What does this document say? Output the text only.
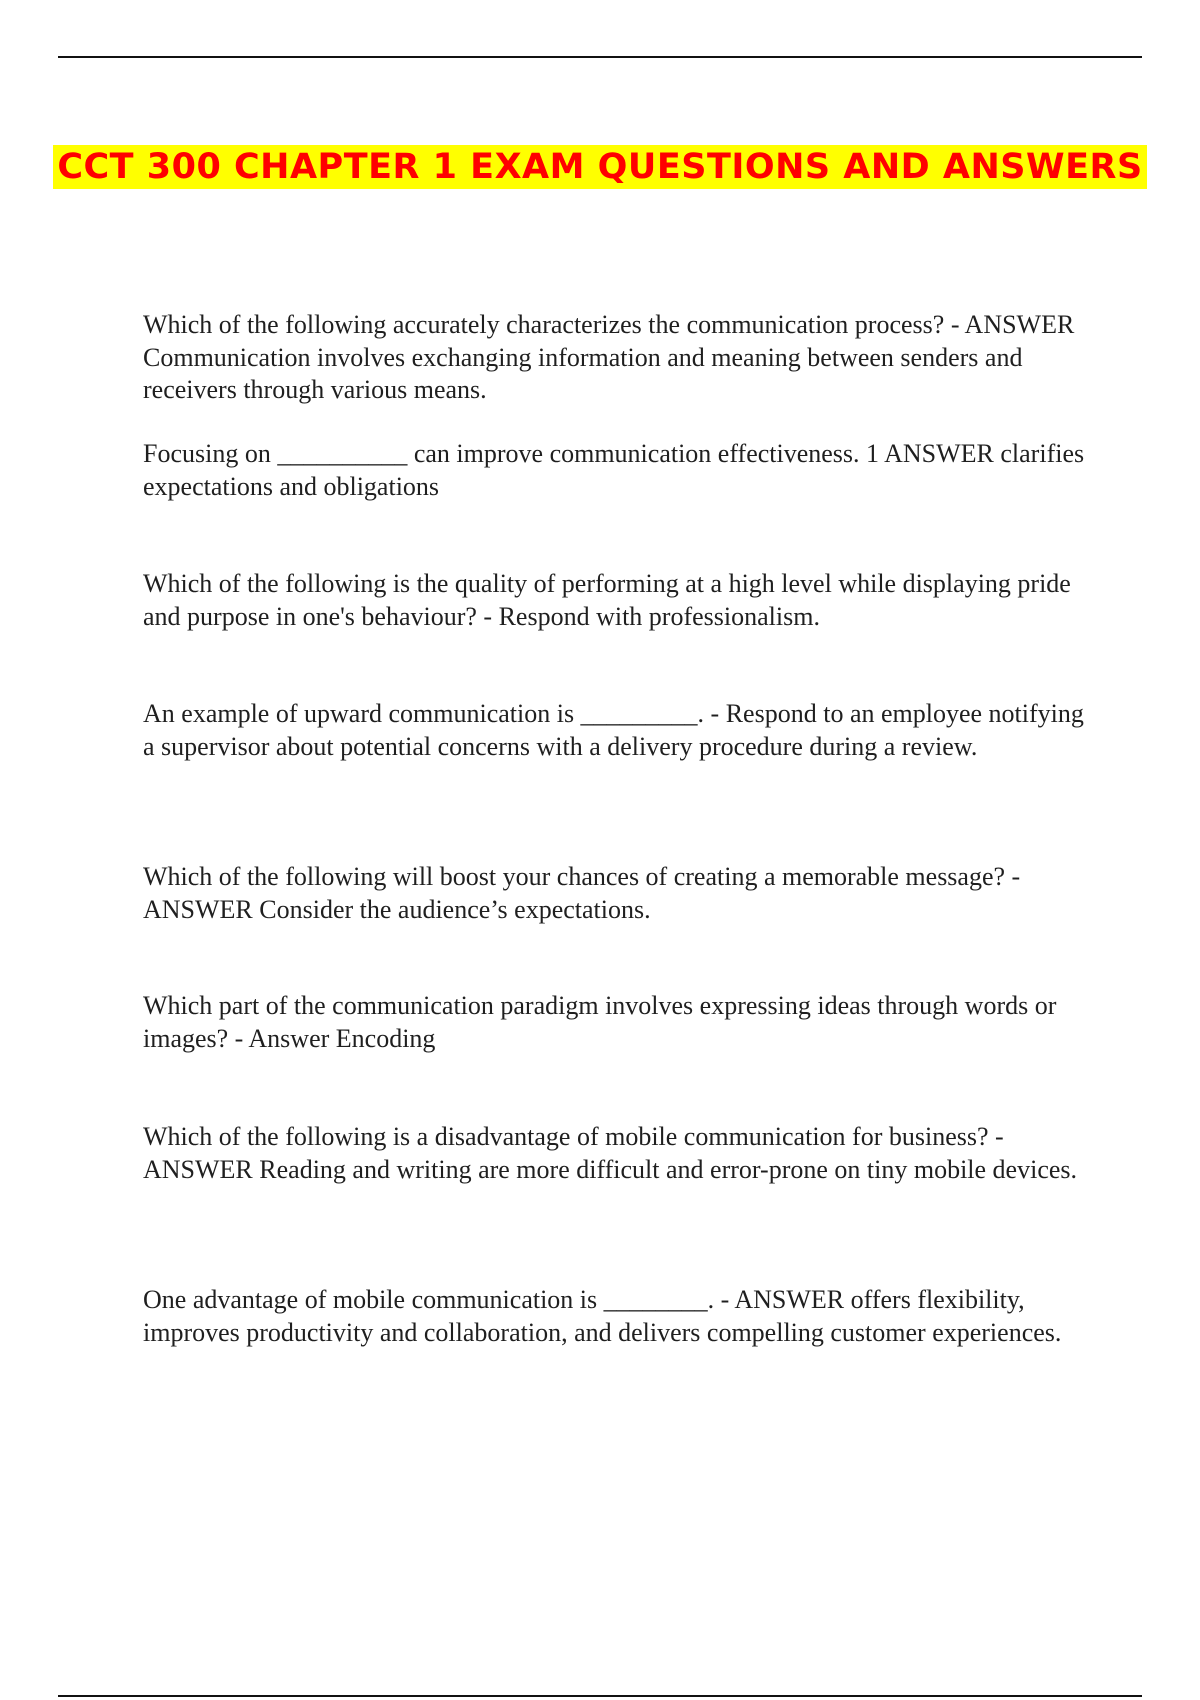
CCT 300 CHAPTER 1 EXAM QUESTIONS AND ANSWERS

Which of the following accurately characterizes the communication process? - ANSWER Communication involves exchanging information and meaning between senders and receivers through various means.

Focusing on __________ can improve communication effectiveness. 1 ANSWER clarifies expectations and obligations

Which of the following is the quality of performing at a high level while displaying pride and purpose in one's behaviour? - Respond with professionalism.

An example of upward communication is _________. - Respond to an employee notifying a supervisor about potential concerns with a delivery procedure during a review.

Which of the following will boost your chances of creating a memorable message? - ANSWER Consider the audience’s expectations.

Which part of the communication paradigm involves expressing ideas through words or images? - Answer Encoding

Which of the following is a disadvantage of mobile communication for business? - ANSWER Reading and writing are more difficult and error-prone on tiny mobile devices.

One advantage of mobile communication is ________. - ANSWER offers flexibility, improves productivity and collaboration, and delivers compelling customer experiences.
